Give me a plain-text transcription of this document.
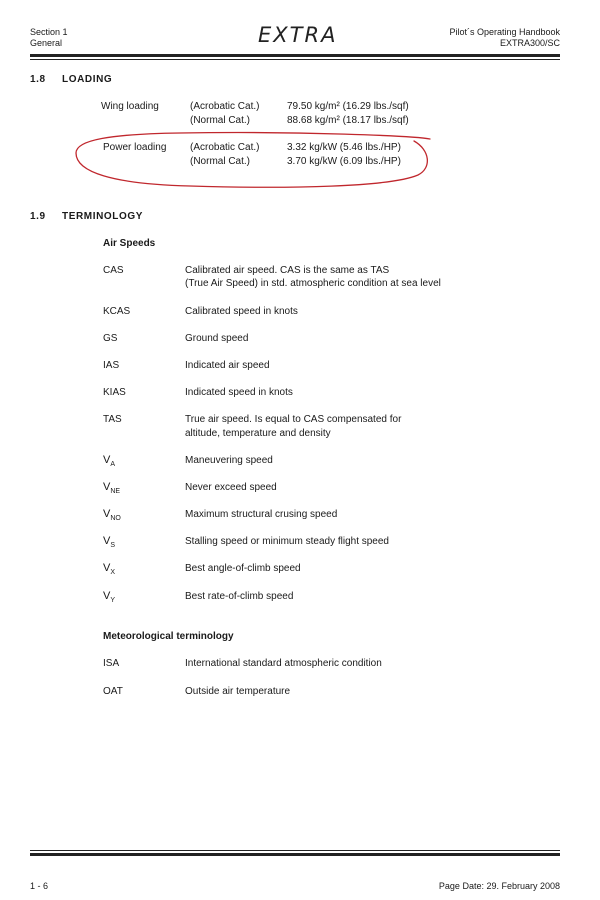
Section 1
General	EXTRA	Pilot´s Operating Handbook
EXTRA300/SC
1.8 LOADING
Wing loading	(Acrobatic Cat.)	79.50 kg/m² (16.29 lbs./sqf)
(Normal Cat.)	88.68 kg/m² (18.17 lbs./sqf)
Power loading (Acrobatic Cat.)	3.32 kg/kW (5.46 lbs./HP)
(Normal Cat.)	3.70 kg/kW (6.09 lbs./HP)
1.9 TERMINOLOGY
Air Speeds
CAS	Calibrated air speed. CAS is the same as TAS
(True Air Speed) in std. atmospheric condition at sea level
KCAS	Calibrated speed in knots
GS	Ground speed
IAS	Indicated air speed
KIAS	Indicated speed in knots
TAS	True air speed. Is equal to CAS compensated for
altitude, temperature and density
$V_A$	Maneuvering speed
$V_{NE}$	Never exceed speed
$V_{NO}$	Maximum structural crusing speed
$V_S$	Stalling speed or minimum steady flight speed
$V_X$	Best angle-of-climb speed
$V_Y$	Best rate-of-climb speed
Meteorological terminology
ISA	International standard atmospheric condition
OAT	Outside air temperature
1 - 6	Page Date: 29. February 2008
